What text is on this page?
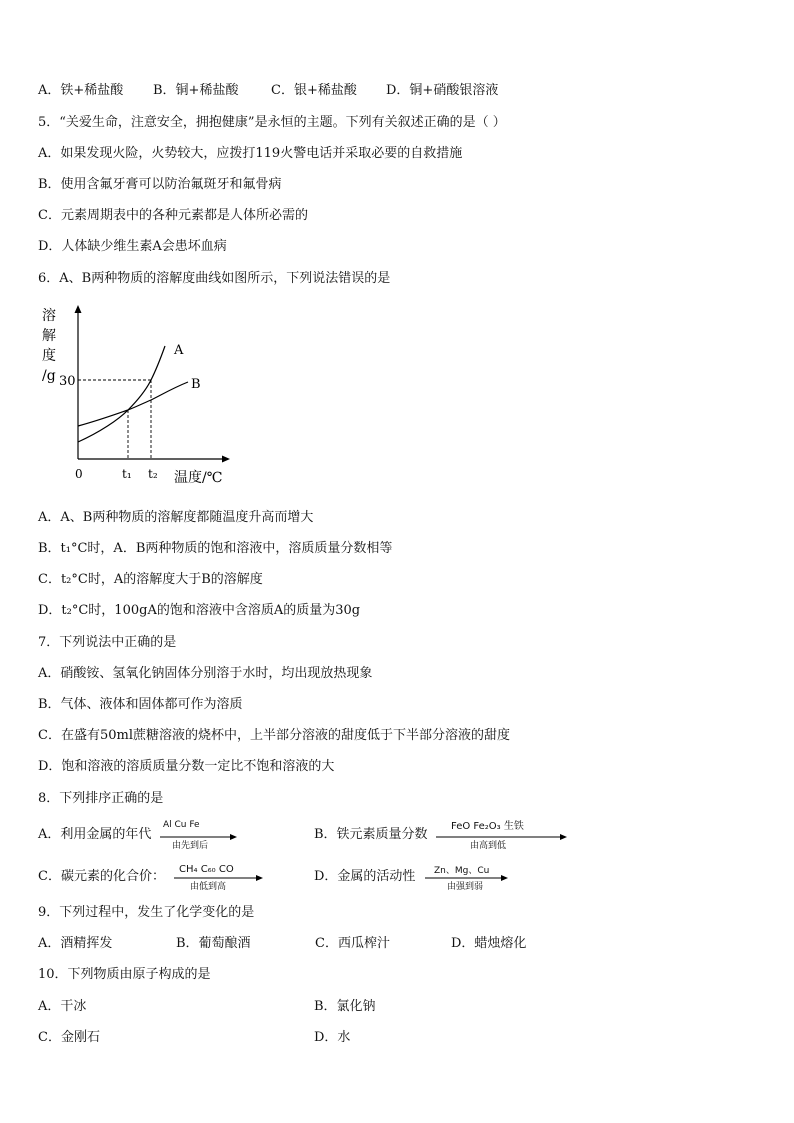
A．铁+稀盐酸 B．铜+稀盐酸	C．银+稀盐酸 D．铜+硝酸银溶液
5．“关爱生命，注意安全，拥抱健康”是永恒的主题。下列有关叙述正确的是（ ）
A．如果发现火险，火势较大，应拨打119火警电话并采取必要的自救措施
B．使用含氟牙膏可以防治氟斑牙和氟骨病
C．元素周期表中的各种元素都是人体所必需的
D．人体缺少维生素A会患坏血病
6．A、B两种物质的溶解度曲线如图所示，下列说法错误的是
溶
解
度
/g 30
0	t₁ t₂ 温度/℃
A
B
A．A、B两种物质的溶解度都随温度升高而增大
B．t₁°C时，A．B两种物质的饱和溶液中，溶质质量分数相等
C．t₂°C时，A的溶解度大于B的溶解度
D．t₂°C时，100gA的饱和溶液中含溶质A的质量为30g
7．下列说法中正确的是
A．硝酸铵、氢氧化钠固体分别溶于水时，均出现放热现象
B．气体、液体和固体都可作为溶质
C．在盛有50ml蔗糖溶液的烧杯中，上半部分溶液的甜度低于下半部分溶液的甜度
D．饱和溶液的溶质质量分数一定比不饱和溶液的大
8．下列排序正确的是
A．利用金属的年代
Al Cu Fe
由先到后
B．铁元素质量分数
FeO Fe₂O₃ 生铁
由高到低
C．碳元素的化合价： CH₄ C₆₀ CO
由低到高
D．金属的活动性 Zn、Mg、Cu
由强到弱
9．下列过程中，发生了化学变化的是
A．酒精挥发	B．葡萄酿酒	C．西瓜榨汁	D．蜡烛熔化
10．下列物质由原子构成的是
A．干冰	B．氯化钠
C．金刚石	D．水
